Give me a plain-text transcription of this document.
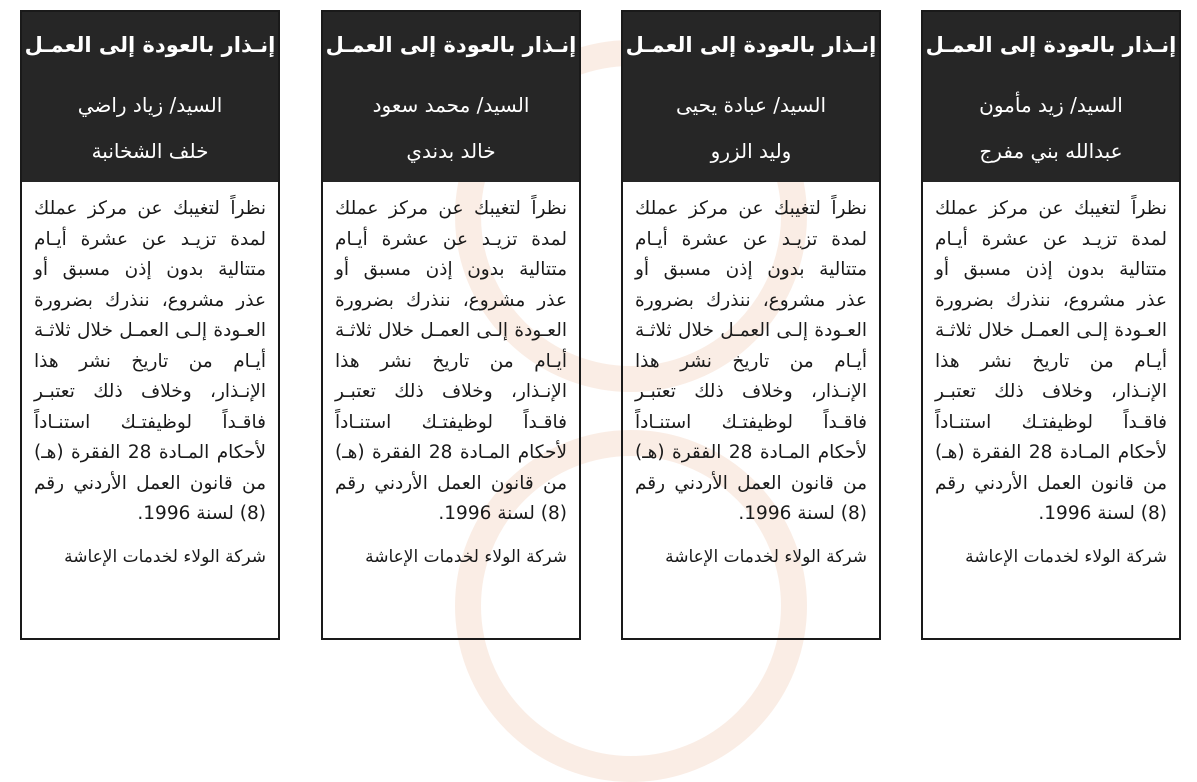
إنـذار بالعودة إلى العمـل
السيد/ زيد مأمون
عبدالله بني مفرج
نظراً لتغيبك عن مركز عملك لمدة تزيـد عن عشرة أيـام متتالية بدون إذن مسبق أو عذر مشروع، ننذرك بضرورة العـودة إلـى العمـل خلال ثلاثـة أيـام من تاريخ نشر هذا الإنـذار، وخلاف ذلك تعتبـر فاقـداً لوظيفتـك استنـاداً لأحكام المـادة 28 الفقرة (هـ) من قانون العمل الأردني رقم (8) لسنة 1996.
شركة الولاء لخدمات الإعاشة
إنـذار بالعودة إلى العمـل
السيد/ عبادة يحيى
وليد الزرو
نظراً لتغيبك عن مركز عملك لمدة تزيـد عن عشرة أيـام متتالية بدون إذن مسبق أو عذر مشروع، ننذرك بضرورة العـودة إلـى العمـل خلال ثلاثـة أيـام من تاريخ نشر هذا الإنـذار، وخلاف ذلك تعتبـر فاقـداً لوظيفتـك استنـاداً لأحكام المـادة 28 الفقرة (هـ) من قانون العمل الأردني رقم (8) لسنة 1996.
شركة الولاء لخدمات الإعاشة
إنـذار بالعودة إلى العمـل
السيد/ محمد سعود
خالد بدندي
نظراً لتغيبك عن مركز عملك لمدة تزيـد عن عشرة أيـام متتالية بدون إذن مسبق أو عذر مشروع، ننذرك بضرورة العـودة إلـى العمـل خلال ثلاثـة أيـام من تاريخ نشر هذا الإنـذار، وخلاف ذلك تعتبـر فاقـداً لوظيفتـك استنـاداً لأحكام المـادة 28 الفقرة (هـ) من قانون العمل الأردني رقم (8) لسنة 1996.
شركة الولاء لخدمات الإعاشة
إنـذار بالعودة إلى العمـل
السيد/ زياد راضي
خلف الشخانبة
نظراً لتغيبك عن مركز عملك لمدة تزيـد عن عشرة أيـام متتالية بدون إذن مسبق أو عذر مشروع، ننذرك بضرورة العـودة إلـى العمـل خلال ثلاثـة أيـام من تاريخ نشر هذا الإنـذار، وخلاف ذلك تعتبـر فاقـداً لوظيفتـك استنـاداً لأحكام المـادة 28 الفقرة (هـ) من قانون العمل الأردني رقم (8) لسنة 1996.
شركة الولاء لخدمات الإعاشة
